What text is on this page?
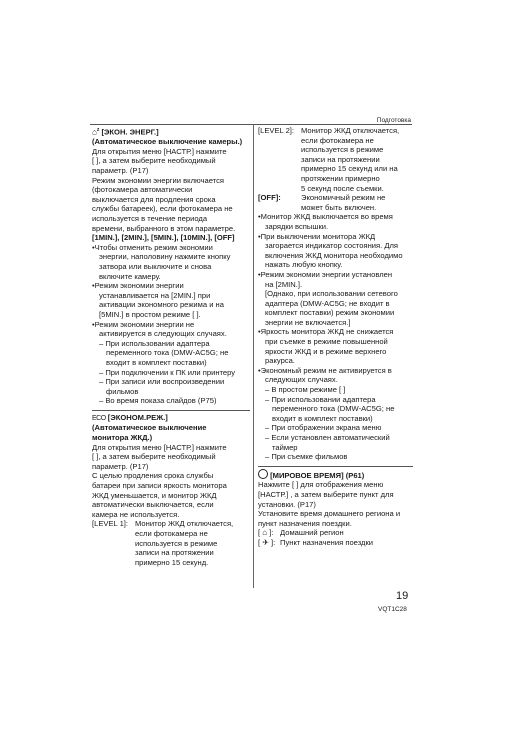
Подготовка
⌂$^z$ [ЭКОН. ЭНЕРГ.]
(Автоматическое выключение камеры.)
Для открытия меню [НАСТР.] нажмите
[ ], а затем выберите необходимый
параметр. (P17)
Режим экономии энергии включается
(фотокамера автоматически
выключается для продления срока
службы батареек), если фотокамера не
используется в течение периода
времени, выбранного в этом параметре.
[1MIN.], [2MIN.], [5MIN.], [10MIN.], [OFF]
•Чтобы отменить режим экономии
энергии, наполовину нажмите кнопку
затвора или выключите и снова
включите камеру.
•Режим экономии энергии
устанавливается на [2MIN.] при
активации экономного режима и на
[5MIN.] в простом режиме [ ].
•Режим экономии энергии не
активируется в следующих случаях.
– При использовании адаптера
переменного тока (DMW-AC5G; не
входит в комплект поставки)
– При подключении к ПК или принтеру
– При записи или воспроизведении
фильмов
– Во время показа слайдов (P75)
ECO [ЭКОНОМ.РЕЖ.]
(Автоматическое выключение
монитора ЖКД.)
Для открытия меню [НАСТР.] нажмите
[ ], а затем выберите необходимый
параметр. (P17)
С целью продления срока службы
батареи при записи яркость монитора
ЖКД уменьшается, и монитор ЖКД
автоматически выключается, если
камера не используется.
[LEVEL 1]: Монитор ЖКД отключается,
если фотокамера не
используется в режиме
записи на протяжении
примерно 15 секунд.
[LEVEL 2]: Монитор ЖКД отключается,
если фотокамера не
используется в режиме
записи на протяжении
примерно 15 секунд или на
протяжении примерно
5 секунд после съемки.
[OFF]:	Экономичный режим не
может быть включен.
•Монитор ЖКД выключается во время
зарядки вспышки.
•При выключении монитора ЖКД
загорается индикатор состояния. Для
включения ЖКД монитора необходимо
нажать любую кнопку.
•Режим экономии энергии установлен
на [2MIN.].
[Однако, при использовании сетевого
адаптера (DMW-AC5G; не входит в
комплект поставки) режим экономии
энергии не включается.]
•Яркость монитора ЖКД не снижается
при съемке в режиме повышенной
яркости ЖКД и в режиме верхнего
ракурса.
•Экономный режим не активируется в
следующих случаях.
– В простом режиме [ ]
– При использовании адаптера
переменного тока (DMW-AC5G; не
входит в комплект поставки)
– При отображении экрана меню
– Если установлен автоматический
таймер
– При съемке фильмов
[МИРОВОЕ ВРЕМЯ] (P61)
Нажмите [ ] для отображения меню
[НАСТР.] , а затем выберите пункт для
установки. (P17)
Установите время домашнего региона и
пункт назначения поездки.
[ ⌂ ]: Домашний регион
[ ✈ ]: Пункт назначения поездки
19
VQT1C28
